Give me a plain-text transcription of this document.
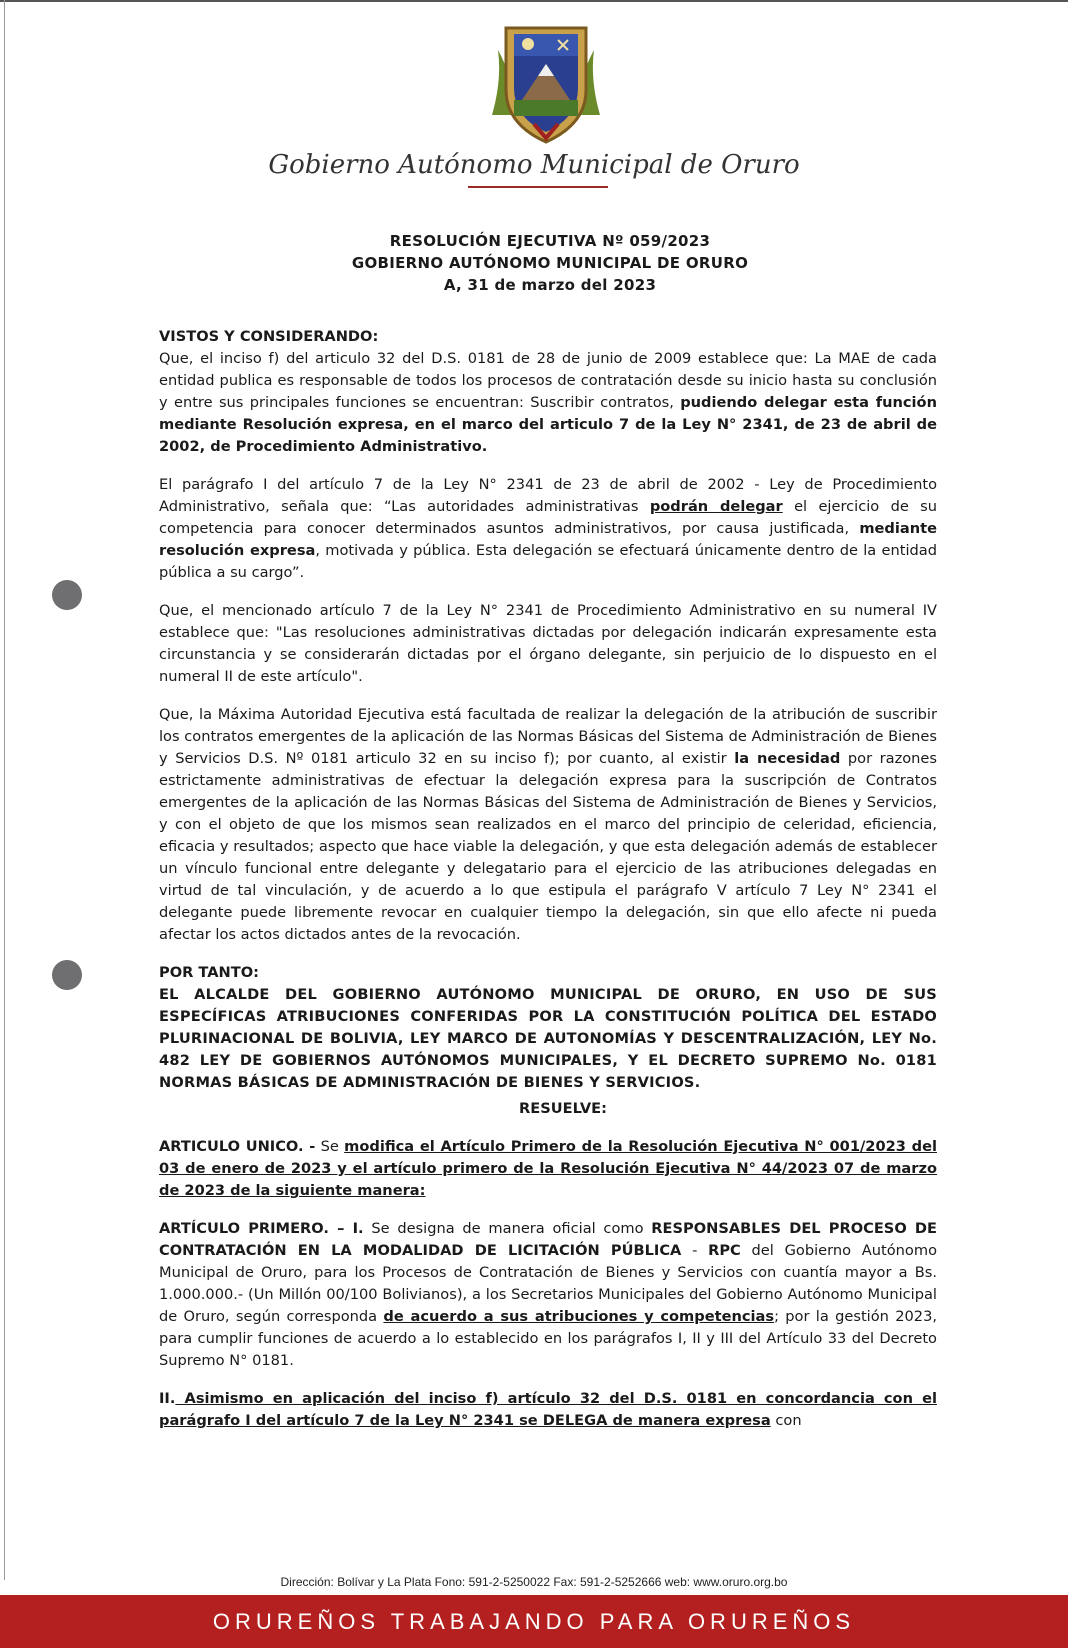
Gobierno Autónomo Municipal de Oruro
RESOLUCIÓN EJECUTIVA Nº 059/2023
GOBIERNO AUTÓNOMO MUNICIPAL DE ORURO
A, 31 de marzo del 2023
VISTOS Y CONSIDERANDO:

Que, el inciso f) del articulo 32 del D.S. 0181 de 28 de junio de 2009 establece que: La MAE de cada entidad publica es responsable de todos los procesos de contratación desde su inicio hasta su conclusión y entre sus principales funciones se encuentran: Suscribir contratos, pudiendo delegar esta función mediante Resolución expresa, en el marco del articulo 7 de la Ley N° 2341, de 23 de abril de 2002, de Procedimiento Administrativo.

El parágrafo I del artículo 7 de la Ley N° 2341 de 23 de abril de 2002 - Ley de Procedimiento Administrativo, señala que: “Las autoridades administrativas podrán delegar el ejercicio de su competencia para conocer determinados asuntos administrativos, por causa justificada, mediante resolución expresa, motivada y pública. Esta delegación se efectuará únicamente dentro de la entidad pública a su cargo”.

Que, el mencionado artículo 7 de la Ley N° 2341 de Procedimiento Administrativo en su numeral IV establece que: "Las resoluciones administrativas dictadas por delegación indicarán expresamente esta circunstancia y se considerarán dictadas por el órgano delegante, sin perjuicio de lo dispuesto en el numeral II de este artículo".

Que, la Máxima Autoridad Ejecutiva está facultada de realizar la delegación de la atribución de suscribir los contratos emergentes de la aplicación de las Normas Básicas del Sistema de Administración de Bienes y Servicios D.S. Nº 0181 articulo 32 en su inciso f); por cuanto, al existir la necesidad por razones estrictamente administrativas de efectuar la delegación expresa para la suscripción de Contratos emergentes de la aplicación de las Normas Básicas del Sistema de Administración de Bienes y Servicios, y con el objeto de que los mismos sean realizados en el marco del principio de celeridad, eficiencia, eficacia y resultados; aspecto que hace viable la delegación, y que esta delegación además de establecer un vínculo funcional entre delegante y delegatario para el ejercicio de las atribuciones delegadas en virtud de tal vinculación, y de acuerdo a lo que estipula el parágrafo V artículo 7 Ley N° 2341 el delegante puede libremente revocar en cualquier tiempo la delegación, sin que ello afecte ni pueda afectar los actos dictados antes de la revocación.

POR TANTO:

EL ALCALDE DEL GOBIERNO AUTÓNOMO MUNICIPAL DE ORURO, EN USO DE SUS ESPECÍFICAS ATRIBUCIONES CONFERIDAS POR LA CONSTITUCIÓN POLÍTICA DEL ESTADO PLURINACIONAL DE BOLIVIA, LEY MARCO DE AUTONOMÍAS Y DESCENTRALIZACIÓN, LEY No. 482 LEY DE GOBIERNOS AUTÓNOMOS MUNICIPALES, Y EL DECRETO SUPREMO No. 0181 NORMAS BÁSICAS DE ADMINISTRACIÓN DE BIENES Y SERVICIOS.

RESUELVE:

ARTICULO UNICO. - Se modifica el Artículo Primero de la Resolución Ejecutiva N° 001/2023 del 03 de enero de 2023 y el artículo primero de la Resolución Ejecutiva N° 44/2023 07 de marzo de 2023 de la siguiente manera:

ARTÍCULO PRIMERO. – I. Se designa de manera oficial como RESPONSABLES DEL PROCESO DE CONTRATACIÓN EN LA MODALIDAD DE LICITACIÓN PÚBLICA - RPC del Gobierno Autónomo Municipal de Oruro, para los Procesos de Contratación de Bienes y Servicios con cuantía mayor a Bs. 1.000.000.- (Un Millón 00/100 Bolivianos), a los Secretarios Municipales del Gobierno Autónomo Municipal de Oruro, según corresponda de acuerdo a sus atribuciones y competencias; por la gestión 2023, para cumplir funciones de acuerdo a lo establecido en los parágrafos I, II y III del Artículo 33 del Decreto Supremo N° 0181.

II. Asimismo en aplicación del inciso f) artículo 32 del D.S. 0181 en concordancia con el parágrafo I del artículo 7 de la Ley N° 2341 se DELEGA de manera expresa con

Dirección: Bolívar y La Plata Fono: 591-2-5250022 Fax: 591-2-5252666 web: www.oruro.org.bo
ORUREÑOS TRABAJANDO PARA ORUREÑOS
